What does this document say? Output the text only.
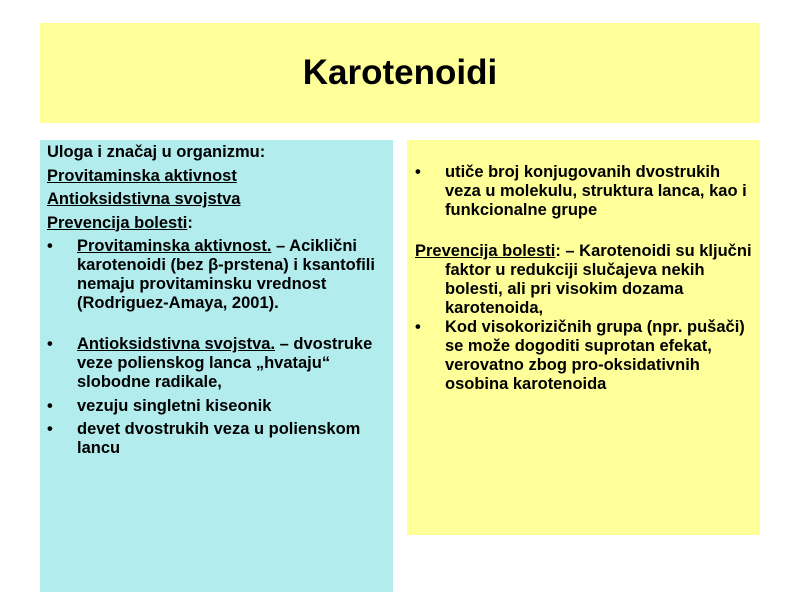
Karotenoidi

Uloga i značaj u organizmu:

Provitaminska aktivnost

Antioksidstivna svojstva

Prevencija bolesti:

• Provitaminska aktivnost. – Aciklični karotenoidi (bez β-prstena) i ksantofili nemaju provitaminsku vrednost (Rodriguez-Amaya, 2001).
• Antioksidstivna svojstva. – dvostruke veze polienskog lanca „hvataju“ slobodne radikale,
• vezuju singletni kiseonik
• devet dvostrukih veza u polienskom lancu
• utiče broj konjugovanih dvostrukih veza u molekulu, struktura lanca, kao i funkcionalne grupe

Prevencija bolesti: – Karotenoidi su ključni faktor u redukciji slučajeva nekih bolesti, ali pri visokim dozama karotenoida,

• Kod visokorizičnih grupa (npr. pušači) se može dogoditi suprotan efekat, verovatno zbog pro-oksidativnih osobina karotenoida
